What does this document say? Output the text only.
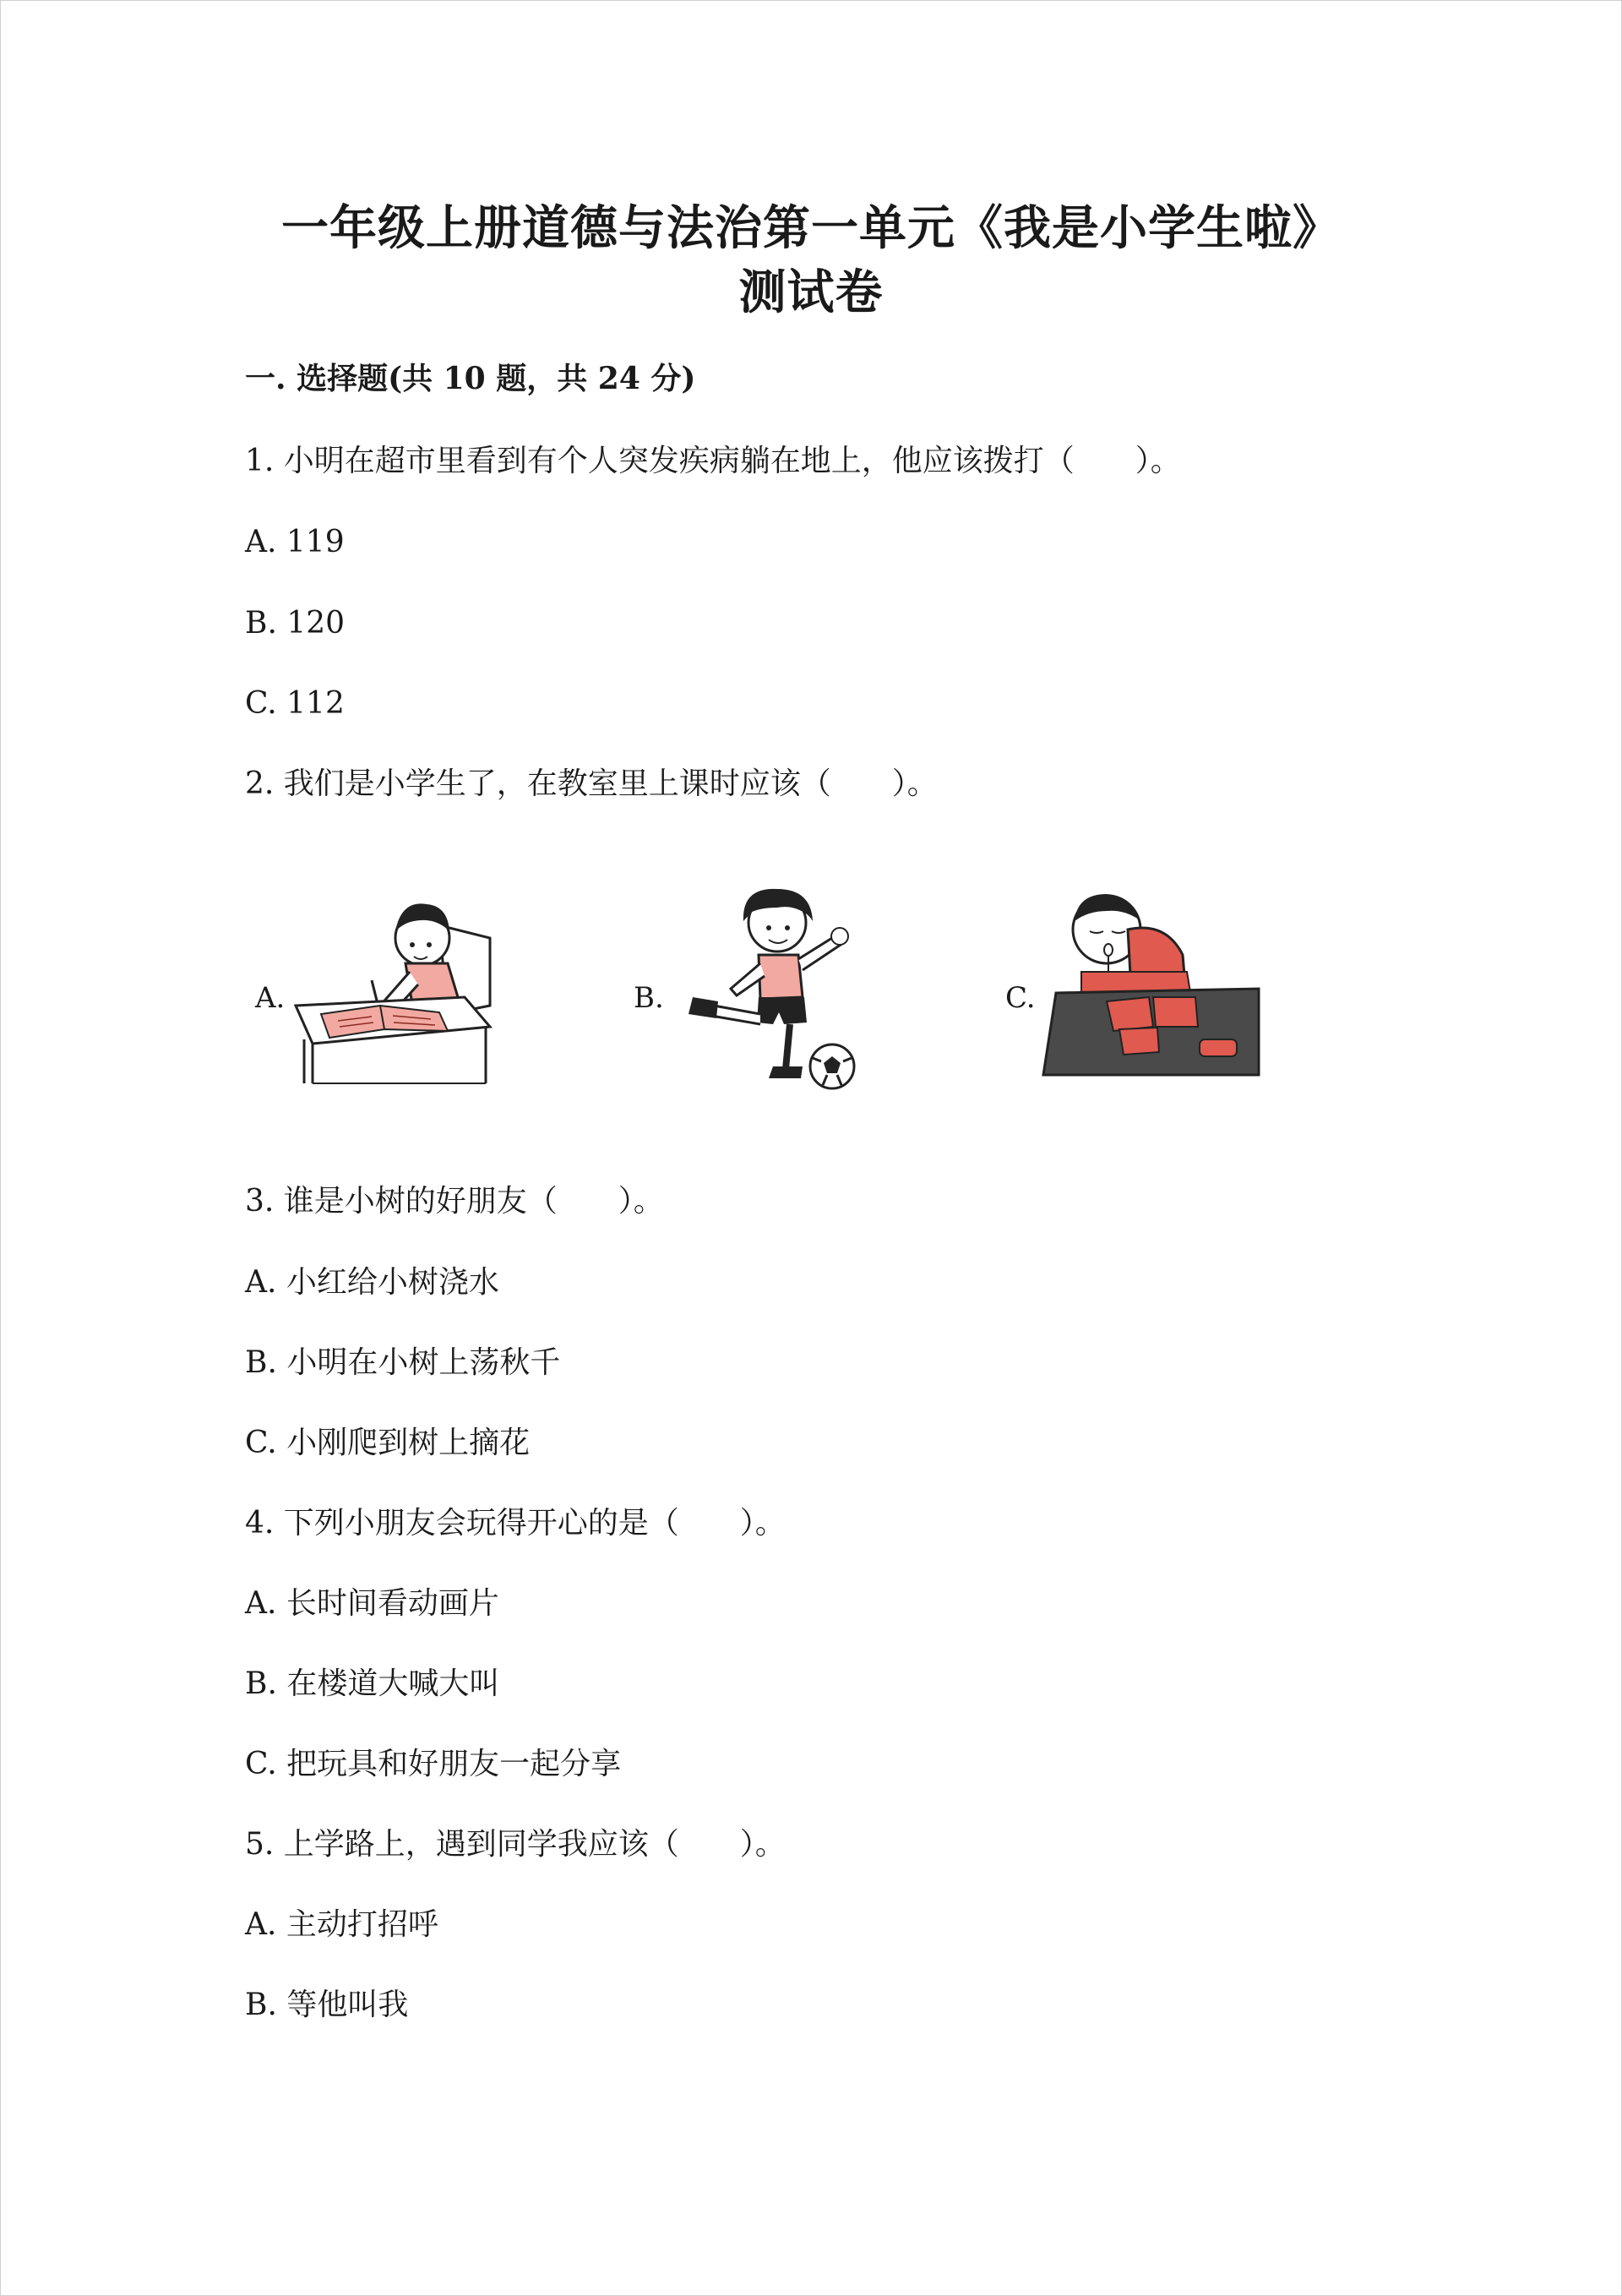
一年级上册道德与法治第一单元《我是小学生啦》
测试卷
一. 选择题(共 10 题，共 24 分)
1. 小明在超市里看到有个人突发疾病躺在地上，他应该拨打（　　）。
A. 119
B. 120
C. 112
2. 我们是小学生了，在教室里上课时应该（　　）。
A.	B.	C.
3. 谁是小树的好朋友（　　）。
A. 小红给小树浇水
B. 小明在小树上荡秋千
C. 小刚爬到树上摘花
4. 下列小朋友会玩得开心的是（　　）。
A. 长时间看动画片
B. 在楼道大喊大叫
C. 把玩具和好朋友一起分享
5. 上学路上，遇到同学我应该（　　）。
A. 主动打招呼
B. 等他叫我
